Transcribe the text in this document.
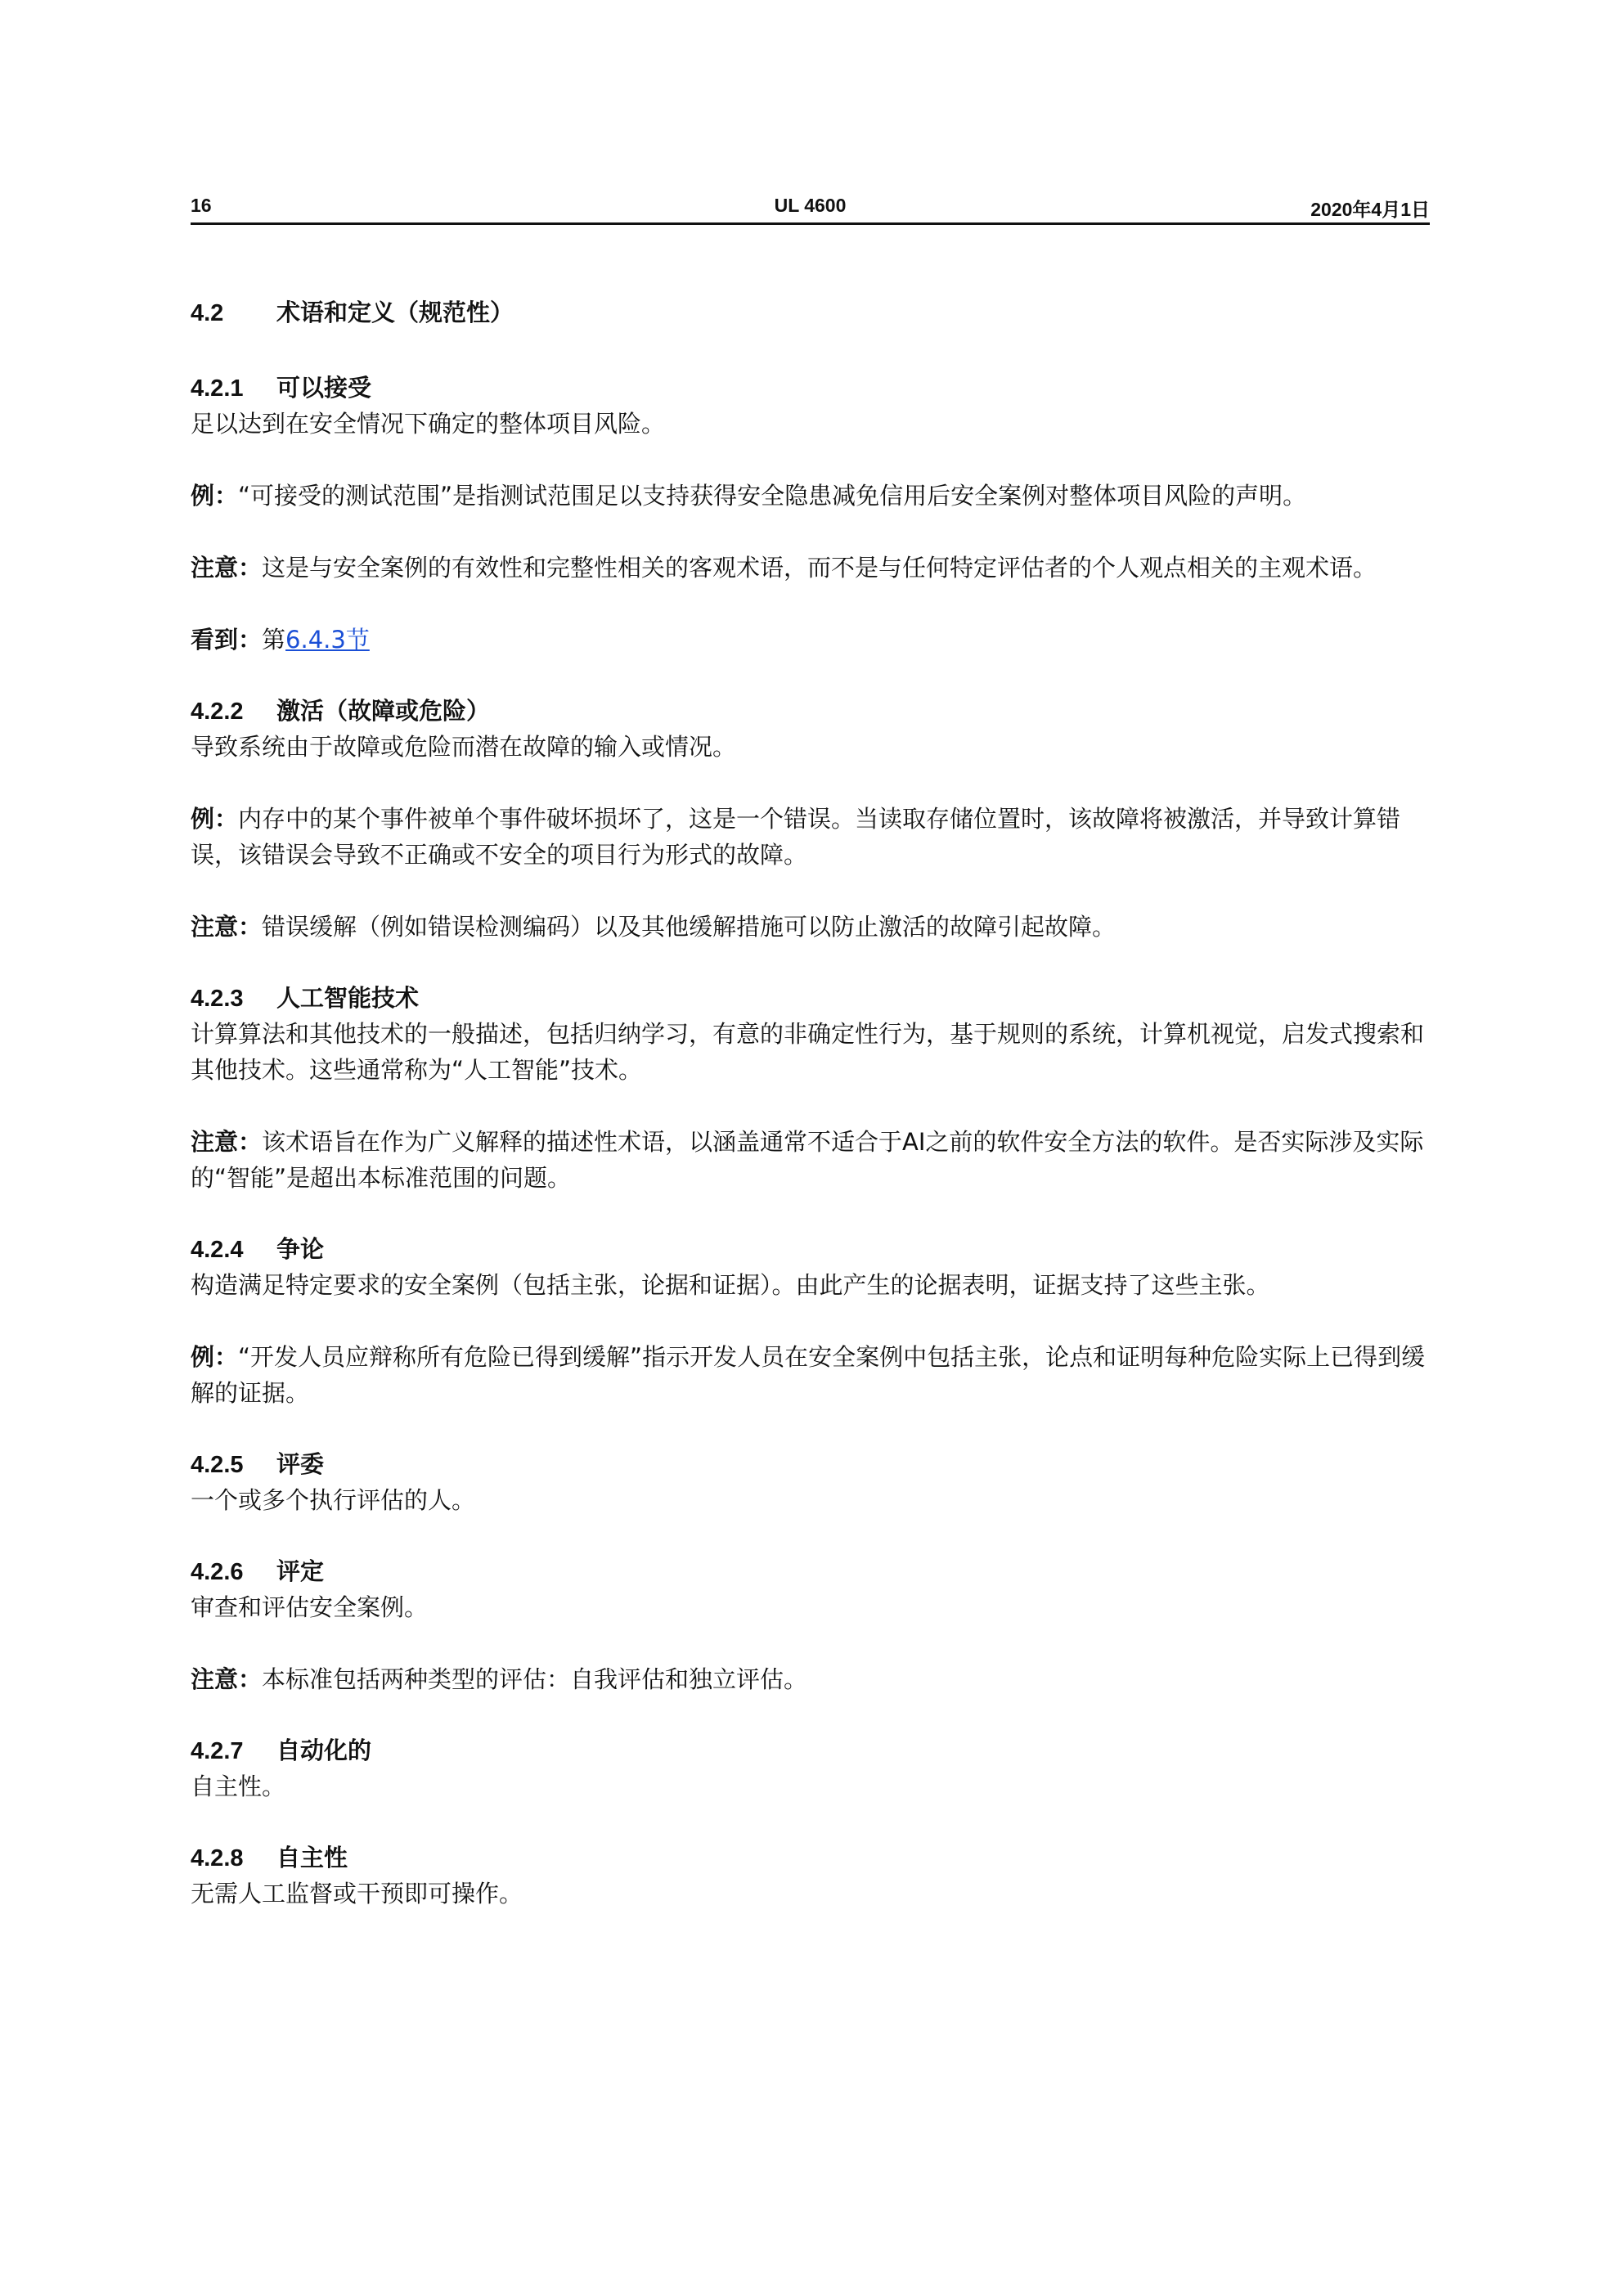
16	UL 4600	2020年4月1日
4.2 术语和定义（规范性）
4.2.1 可以接受
足以达到在安全情况下确定的整体项目风险。
例：“可接受的测试范围”是指测试范围足以支持获得安全隐患减免信用后安全案例对整体项目风险的声明。
注意：这是与安全案例的有效性和完整性相关的客观术语，而不是与任何特定评估者的个人观点相关的主观术语。
看到：第6.4.3节
4.2.2 激活（故障或危险）
导致系统由于故障或危险而潜在故障的输入或情况。
例：内存中的某个事件被单个事件破坏损坏了，这是一个错误。当读取存储位置时，该故障将被激活，并导致计算错误，该错误会导致不正确或不安全的项目行为形式的故障。
注意：错误缓解（例如错误检测编码）以及其他缓解措施可以防止激活的故障引起故障。
4.2.3 人工智能技术
计算算法和其他技术的一般描述，包括归纳学习，有意的非确定性行为，基于规则的系统，计算机视觉，启发式搜索和其他技术。这些通常称为“人工智能”技术。
注意：该术语旨在作为广义解释的描述性术语，以涵盖通常不适合于AI之前的软件安全方法的软件。是否实际涉及实际的“智能”是超出本标准范围的问题。
4.2.4 争论
构造满足特定要求的安全案例（包括主张，论据和证据）。由此产生的论据表明，证据支持了这些主张。
例：“开发人员应辩称所有危险已得到缓解”指示开发人员在安全案例中包括主张，论点和证明每种危险实际上已得到缓解的证据。
4.2.5 评委
一个或多个执行评估的人。
4.2.6 评定
审查和评估安全案例。
注意：本标准包括两种类型的评估：自我评估和独立评估。
4.2.7 自动化的
自主性。
4.2.8 自主性
无需人工监督或干预即可操作。
